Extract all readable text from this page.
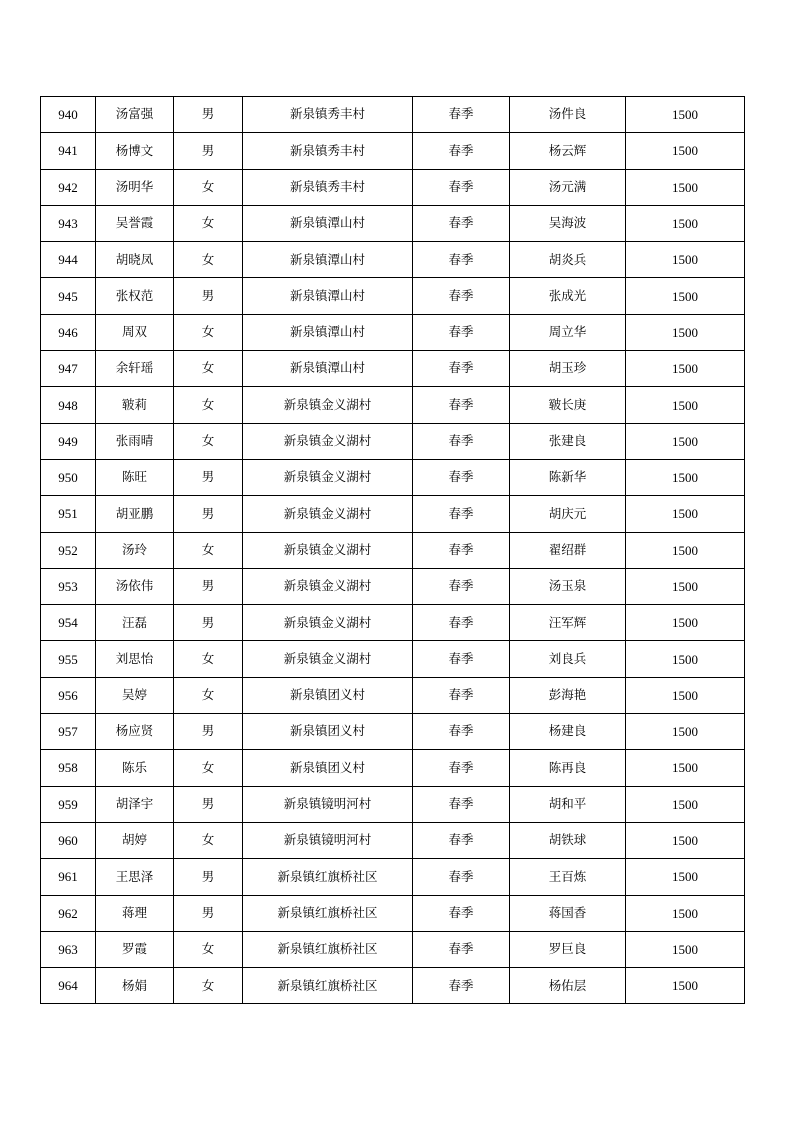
940	汤富强	男	新泉镇秀丰村	春季	汤件良	1500
941	杨博文	男	新泉镇秀丰村	春季	杨云辉	1500
942	汤明华	女	新泉镇秀丰村	春季	汤元满	1500
943	吴誉霞	女	新泉镇潭山村	春季	吴海波	1500
944	胡晓凤	女	新泉镇潭山村	春季	胡炎兵	1500
945	张权范	男	新泉镇潭山村	春季	张成光	1500
946	周双	女	新泉镇潭山村	春季	周立华	1500
947	余轩瑶	女	新泉镇潭山村	春季	胡玉珍	1500
948	皲莉	女	新泉镇金义湖村	春季	皲长庚	1500
949	张雨晴	女	新泉镇金义湖村	春季	张建良	1500
950	陈旺	男	新泉镇金义湖村	春季	陈新华	1500
951	胡亚鹏	男	新泉镇金义湖村	春季	胡庆元	1500
952	汤玲	女	新泉镇金义湖村	春季	翟绍群	1500
953	汤依伟	男	新泉镇金义湖村	春季	汤玉泉	1500
954	汪磊	男	新泉镇金义湖村	春季	汪军辉	1500
955	刘思怡	女	新泉镇金义湖村	春季	刘良兵	1500
956	吴婷	女	新泉镇团义村	春季	彭海艳	1500
957	杨应贤	男	新泉镇团义村	春季	杨建良	1500
958	陈乐	女	新泉镇团义村	春季	陈再良	1500
959	胡泽宇	男	新泉镇镜明河村	春季	胡和平	1500
960	胡婷	女	新泉镇镜明河村	春季	胡铁球	1500
961	王思泽	男	新泉镇红旗桥社区	春季	王百炼	1500
962	蒋理	男	新泉镇红旗桥社区	春季	蒋国香	1500
963	罗霞	女	新泉镇红旗桥社区	春季	罗巨良	1500
964	杨娟	女	新泉镇红旗桥社区	春季	杨佑层	1500
